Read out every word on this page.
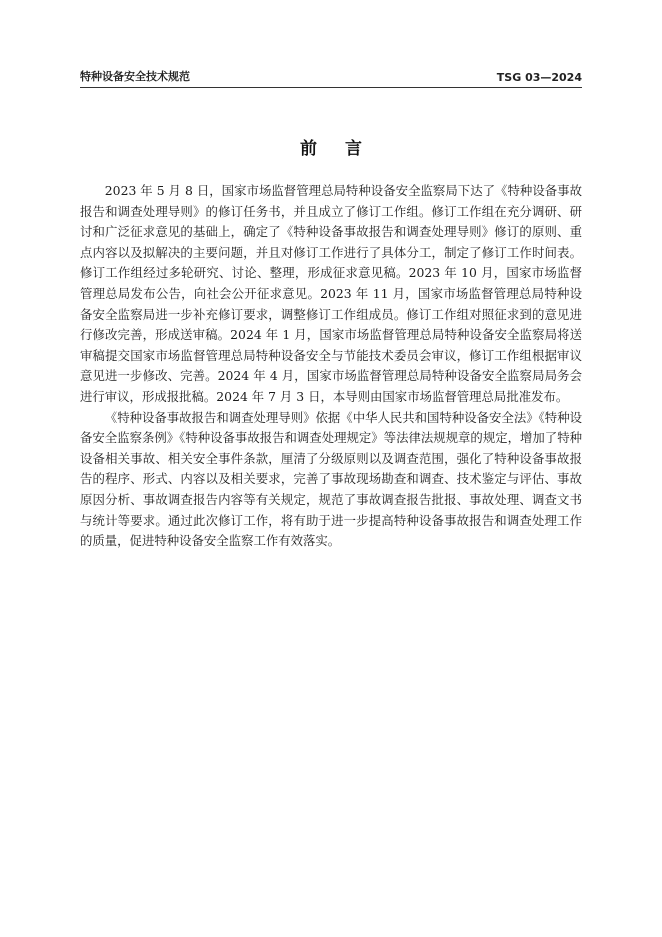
特种设备安全技术规范	TSG 03—2024
前言

2023 年 5 月 8 日，国家市场监督管理总局特种设备安全监察局下达了《特种设备事故报告和调查处理导则》的修订任务书，并且成立了修订工作组。修订工作组在充分调研、研讨和广泛征求意见的基础上，确定了《特种设备事故报告和调查处理导则》修订的原则、重点内容以及拟解决的主要问题，并且对修订工作进行了具体分工，制定了修订工作时间表。修订工作组经过多轮研究、讨论、整理，形成征求意见稿。2023 年 10 月，国家市场监督管理总局发布公告，向社会公开征求意见。2023 年 11 月，国家市场监督管理总局特种设备安全监察局进一步补充修订要求，调整修订工作组成员。修订工作组对照征求到的意见进行修改完善，形成送审稿。2024 年 1 月，国家市场监督管理总局特种设备安全监察局将送审稿提交国家市场监督管理总局特种设备安全与节能技术委员会审议，修订工作组根据审议意见进一步修改、完善。2024 年 4 月，国家市场监督管理总局特种设备安全监察局局务会进行审议，形成报批稿。2024 年 7 月 3 日，本导则由国家市场监督管理总局批准发布。

《特种设备事故报告和调查处理导则》依据《中华人民共和国特种设备安全法》《特种设备安全监察条例》《特种设备事故报告和调查处理规定》等法律法规规章的规定，增加了特种设备相关事故、相关安全事件条款，厘清了分级原则以及调查范围，强化了特种设备事故报告的程序、形式、内容以及相关要求，完善了事故现场勘查和调查、技术鉴定与评估、事故原因分析、事故调查报告内容等有关规定，规范了事故调查报告批报、事故处理、调查文书与统计等要求。通过此次修订工作，将有助于进一步提高特种设备事故报告和调查处理工作的质量，促进特种设备安全监察工作有效落实。
